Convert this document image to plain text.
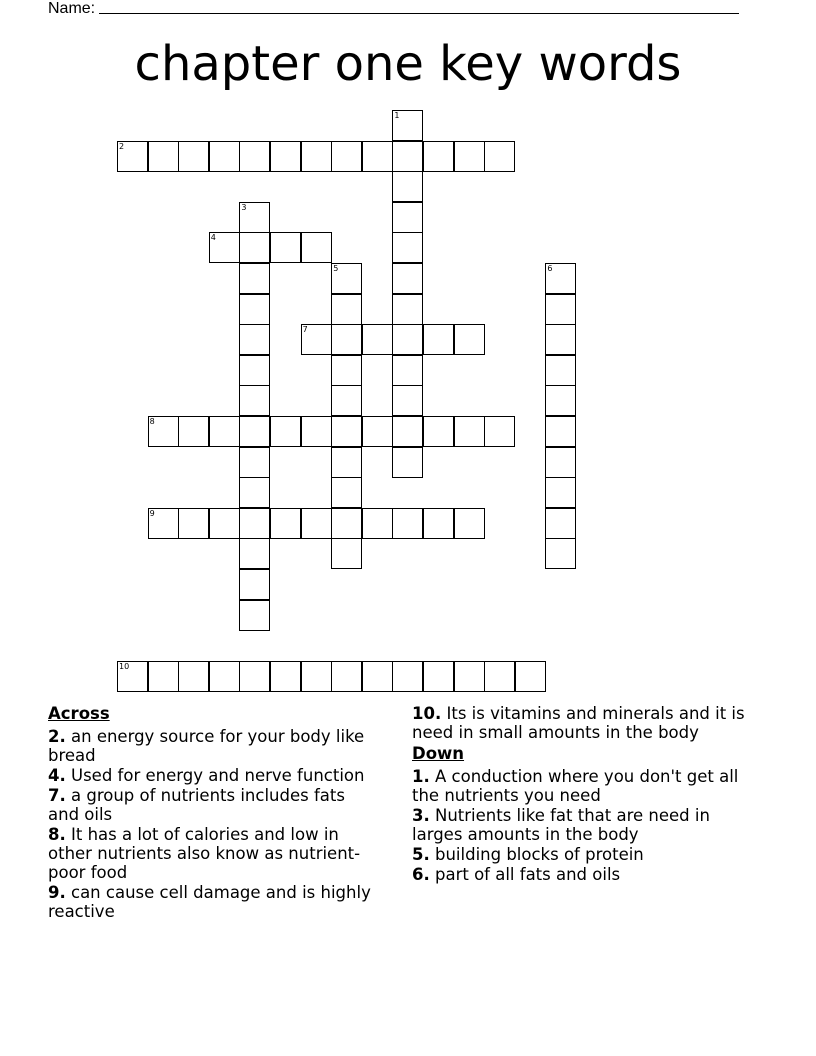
Name:
chapter one key words
2
4
7
8
9
10
1
3
5	6
Across
2. an energy source for your body like bread
4. Used for energy and nerve function
7. a group of nutrients includes fats and oils
8. It has a lot of calories and low in other nutrients also know as nutrient-poor food
9. can cause cell damage and is highly reactive
10. Its is vitamins and minerals and it is need in small amounts in the body
Down
1. A conduction where you don't get all the nutrients you need
3. Nutrients like fat that are need in larges amounts in the body
5. building blocks of protein
6. part of all fats and oils
